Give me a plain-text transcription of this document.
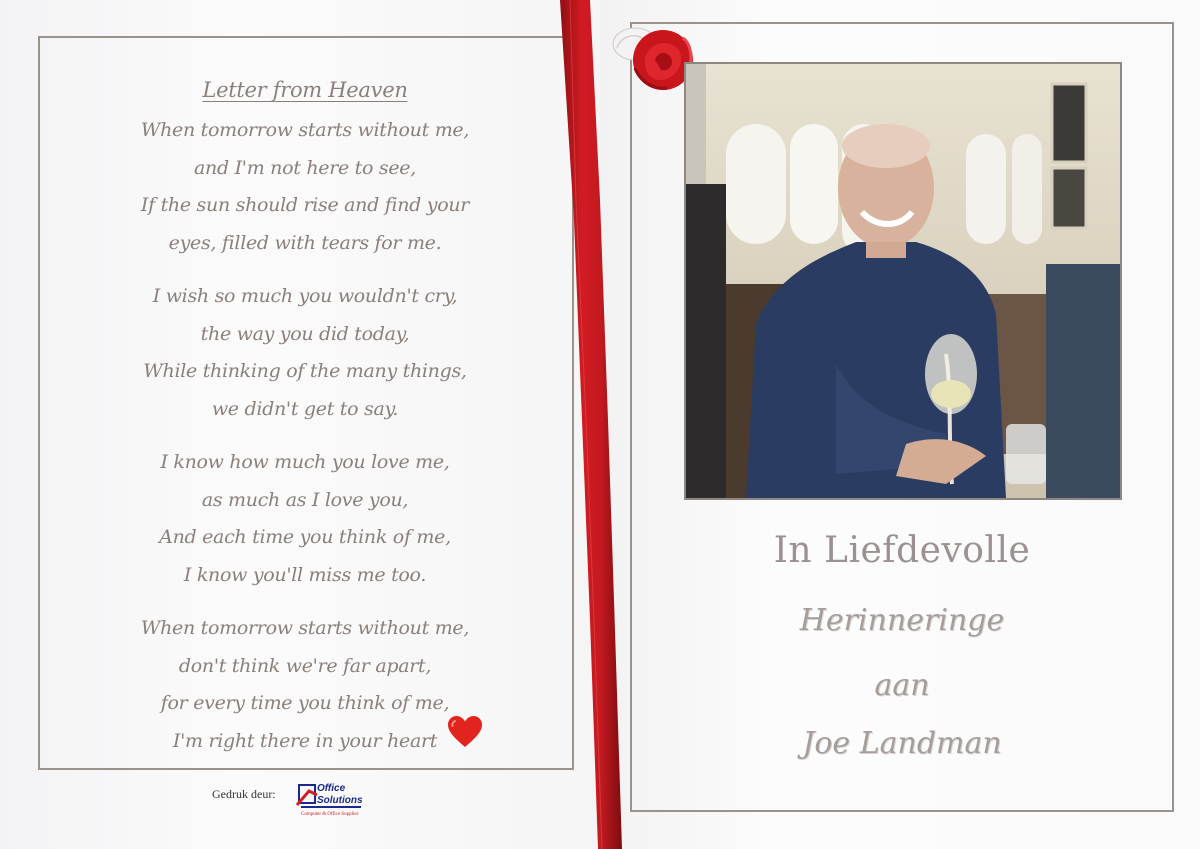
Letter from Heaven
When tomorrow starts without me,
and I'm not here to see,
If the sun should rise and find your
eyes, filled with tears for me.
I wish so much you wouldn't cry,
the way you did today,
While thinking of the many things,
we didn't get to say.
I know how much you love me,
as much as I love you,
And each time you think of me,
I know you'll miss me too.
When tomorrow starts without me,
don't think we're far apart,
for every time you think of me,
I'm right there in your heart
Gedruk deur:	Office
Solutions
Computer & Office Supplies
In Liefdevolle
Herinneringe
aan
Joe Landman
